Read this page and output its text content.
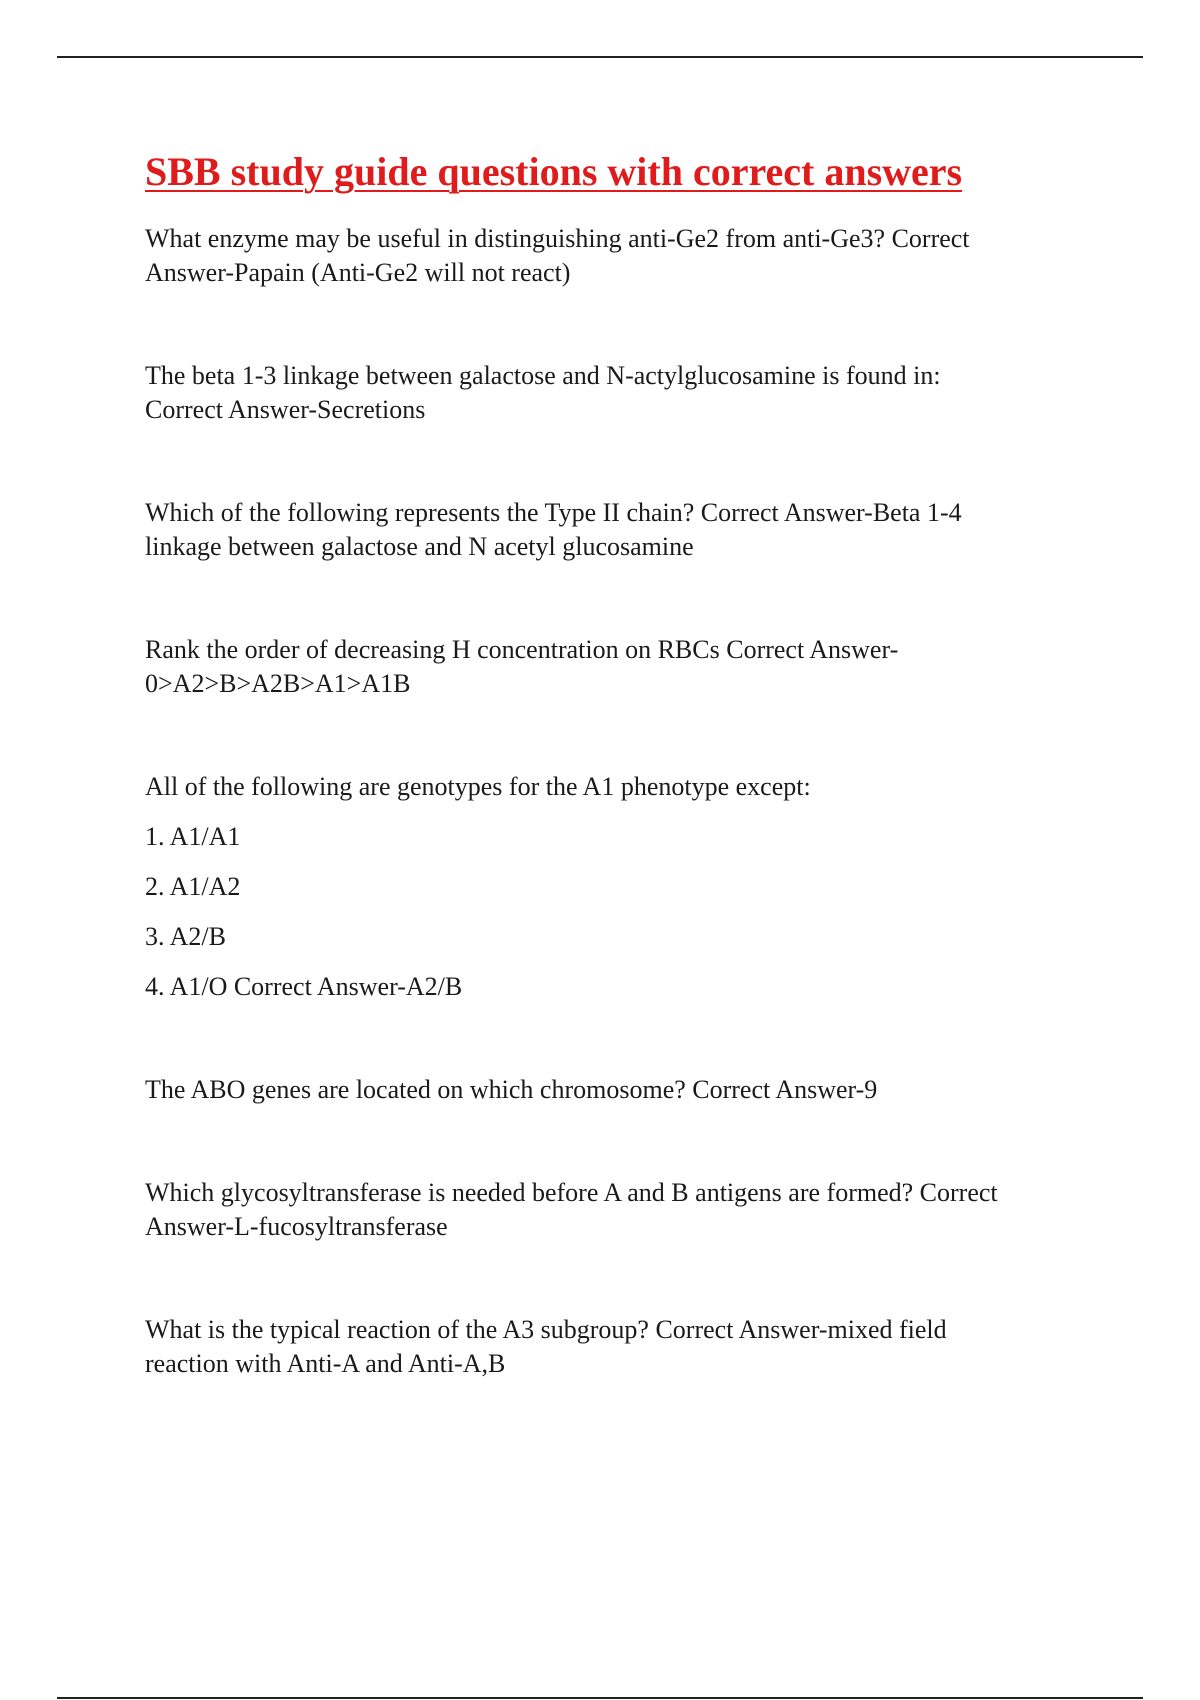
SBB study guide questions with correct answers

What enzyme may be useful in distinguishing anti-Ge2 from anti-Ge3? Correct

Answer-Papain (Anti-Ge2 will not react)

The beta 1-3 linkage between galactose and N-actylglucosamine is found in:

Correct Answer-Secretions

Which of the following represents the Type II chain? Correct Answer-Beta 1-4

linkage between galactose and N acetyl glucosamine

Rank the order of decreasing H concentration on RBCs Correct Answer-

0>A2>B>A2B>A1>A1B

All of the following are genotypes for the A1 phenotype except:

1. A1/A1

2. A1/A2

3. A2/B

4. A1/O Correct Answer-A2/B

The ABO genes are located on which chromosome? Correct Answer-9

Which glycosyltransferase is needed before A and B antigens are formed? Correct

Answer-L-fucosyltransferase

What is the typical reaction of the A3 subgroup? Correct Answer-mixed field

reaction with Anti-A and Anti-A,B
